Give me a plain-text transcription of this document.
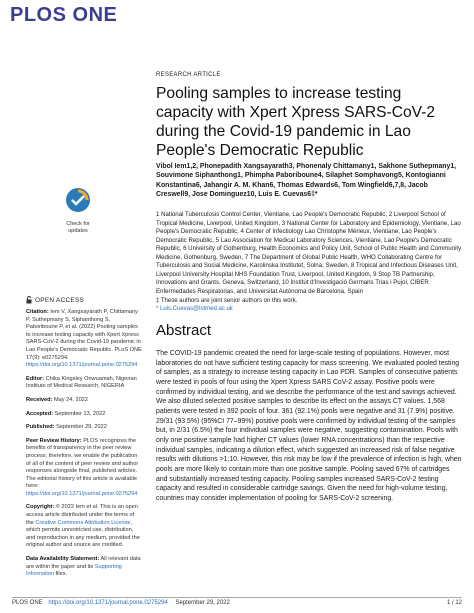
PLOS ONE
Check for
updates
OPEN ACCESS

Citation: Iem V, Xangsayarath P, Chittamany P, Suthepmany S, Siphanthong S, Paboriboune P, et al. (2022) Pooling samples to increase testing capacity with Xpert Xpress SARS-CoV-2 during the Covid-19 pandemic in Lao People's Democratic Republic. PLoS ONE 17(9): e0275294. https://doi.org/10.1371/journal.pone.0275294

Editor: Chika Kingsley Onwuamah, Nigerian Institute of Medical Research, NIGERIA

Received: May 24, 2022

Accepted: September 13, 2022

Published: September 29, 2022

Peer Review History: PLOS recognizes the benefits of transparency in the peer review process; therefore, we enable the publication of all of the content of peer review and author responses alongside final, published articles. The editorial history of this article is available here: https://doi.org/10.1371/journal.pone.0275294

Copyright: © 2022 Iem et al. This is an open access article distributed under the terms of the Creative Commons Attribution License, which permits unrestricted use, distribution, and reproduction in any medium, provided the original author and source are credited.

Data Availability Statement: All relevant data are within the paper and its Supporting Information files.

RESEARCH ARTICLE
Pooling samples to increase testing capacity with Xpert Xpress SARS-CoV-2 during the Covid-19 pandemic in Lao People's Democratic Republic
Vibol Iem1,2, Phonepadith Xangsayarath3, Phonenaly Chittamany1, Sakhone Suthepmany1, Souvimone Siphanthong1, Phimpha Paboriboune4, Silaphet Somphavong5, Kontogianni Konstantina6, Jahangir A. M. Khan6, Thomas Edwards6, Tom Wingfield6,7,8, Jacob Creswell9, Jose Dominguez10, Luis E. Cuevas6‡*
1 National Tuberculosis Control Center, Vientiane, Lao People's Democratic Republic, 2 Liverpool School of Tropical Medicine, Liverpool, United Kingdom, 3 National Center for Laboratory and Epidemiology, Vientiane, Lao People's Democratic Republic, 4 Center of Infectiology Lao Christophe Mérieux, Vientiane, Lao People's Democratic Republic, 5 Lao Association for Medical Laboratory Sciences, Vientiane, Lao People's Democratic Republic, 6 University of Gothenburg, Health Economics and Policy Unit, School of Public Health and Community Medicine, Gothenburg, Sweden, 7 The Department of Global Public Health, WHO Collaborating Centre for Tuberculosis and Social Medicine, Karolinska Institutet, Solna, Sweden, 8 Tropical and Infectious Diseases Unit, Liverpool University Hospital NHS Foundation Trust, Liverpool, United Kingdom, 9 Stop TB Partnership, Innovations and Grants, Geneva, Switzerland, 10 Institut d'Investigació Germans Trias i Pujol, CIBER Enfermedades Respiratorias, and Universitat Autònoma de Barcelona, Spain
‡ These authors are joint senior authors on this work.
* Luis.Cuevas@lstmed.ac.uk
Abstract
The COVID-19 pandemic created the need for large-scale testing of populations. However, most laboratories do not have sufficient testing capacity for mass screening. We evaluated pooled testing of samples, as a strategy to increase testing capacity in Lao PDR. Samples of consecutive patients were tested in pools of four using the Xpert Xpress SARS CoV-2 assay. Positive pools were confirmed by individual testing, and we describe the performance of the test and savings achieved. We also diluted selected positive samples to describe its effect on the assays CT values. 1,568 patients were tested in 392 pools of four. 361 (92.1%) pools were negative and 31 (7.9%) positive. 29/31 (93.5%) (95%CI 77–99%) positive pools were confirmed by individual testing of the samples but, in 2/31 (6.5%) the four individual samples were negative, suggesting contamination. Pools with only one positive sample had higher CT values (lower RNA concentrations) than the respective individual samples, indicating a dilution effect, which suggested an increased risk of false negative results with dilutions >1:10. However, this risk may be low if the prevalence of infection is high, when pools are more likely to contain more than one positive sample. Pooling saved 67% of cartridges and substantially increased testing capacity. Pooling samples increased SARS-CoV-2 testing capacity and resulted in considerable cartridge savings. Given the need for high-volume testing, countries may consider implementation of pooling for SARS-CoV-2 screening.
PLOS ONE https://doi.org/10.1371/journal.pone.0275294 September 29, 2022	1 / 12
